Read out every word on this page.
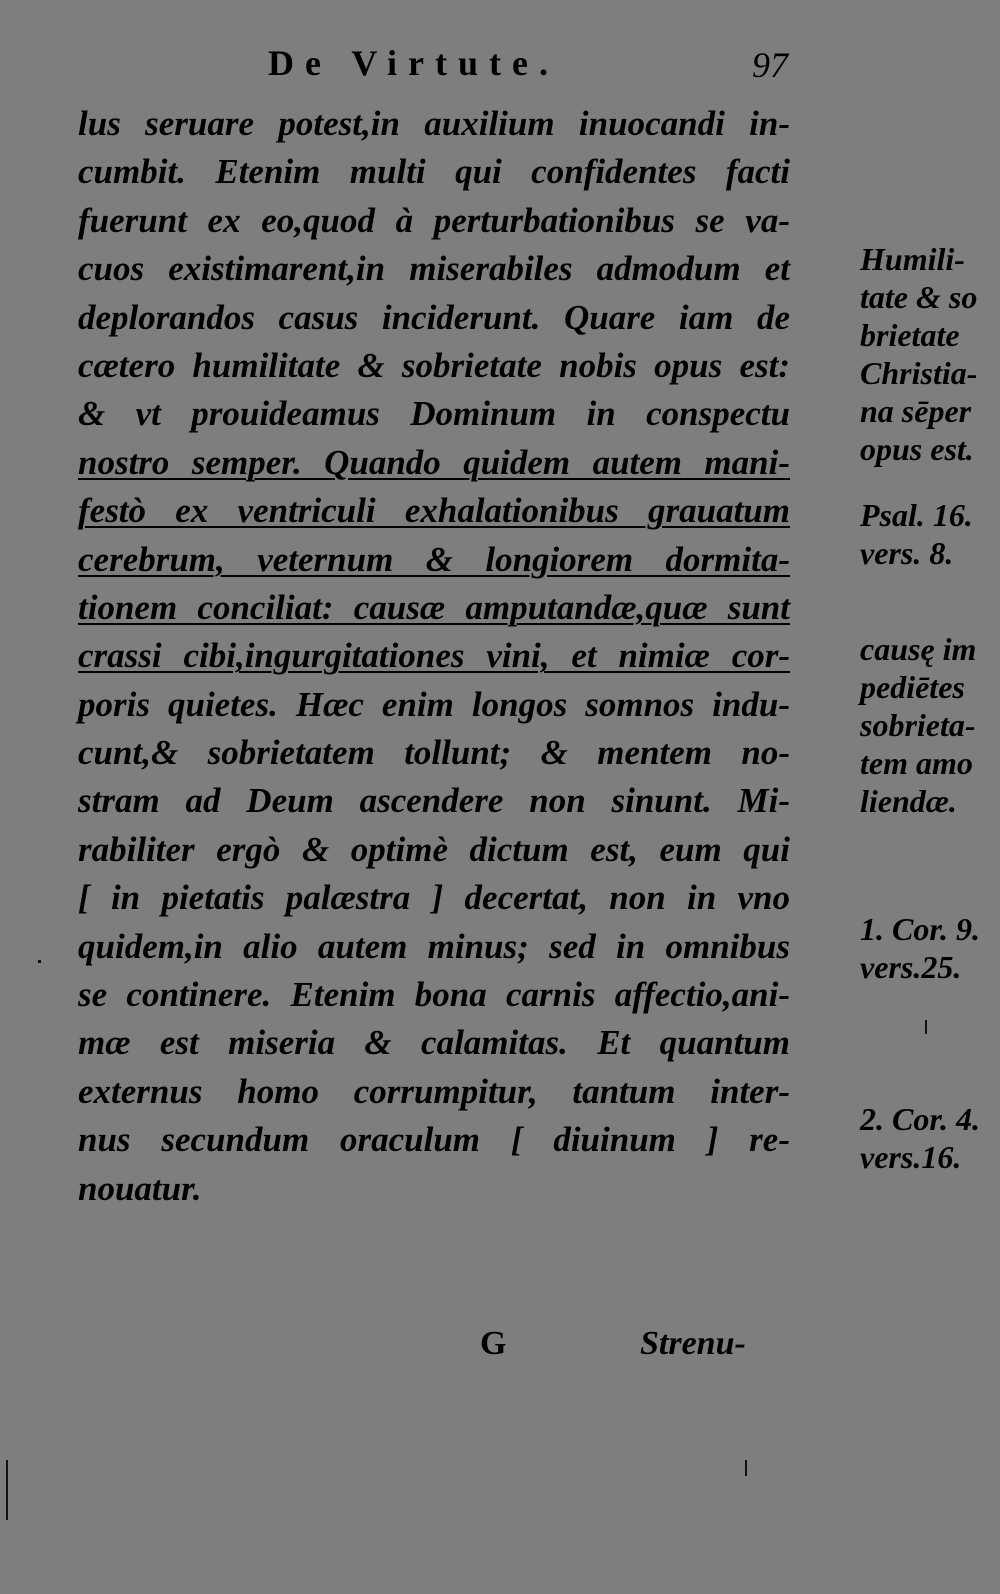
De Virtute.	97
lus seruare potest,in auxilium inuocandi in-
cumbit. Etenim multi qui confidentes facti
fuerunt ex eo,quod à perturbationibus se va-
cuos existimarent,in miserabiles admodum et
deplorandos casus inciderunt. Quare iam de
cætero humilitate & sobrietate nobis opus est:
& vt prouideamus Dominum in conspectu
nostro semper. Quando quidem autem mani-
festò ex ventriculi exhalationibus grauatum
cerebrum, veternum & longiorem dormita-
tionem conciliat: causæ amputandæ,quæ sunt
crassi cibi,ingurgitationes vini, et nimiæ cor-
poris quietes. Hæc enim longos somnos indu-
cunt,& sobrietatem tollunt; & mentem no-
stram ad Deum ascendere non sinunt. Mi-
rabiliter ergò & optimè dictum est, eum qui
[ in pietatis palæstra ] decertat, non in vno
quidem,in alio autem minus; sed in omnibus
se continere. Etenim bona carnis affectio,ani-
mæ est miseria & calamitas. Et quantum
externus homo corrumpitur, tantum inter-
nus secundum oraculum [ diuinum ] re-
nouatur.
Humili-
tate & so
brietate
Christia-
na sēper
opus est.
Psal. 16.
vers. 8.
causę im
pediētes
sobrieta-
tem amo
liendæ.
1. Cor. 9.
vers.25.
2. Cor. 4.
vers.16.
G	Strenu-
